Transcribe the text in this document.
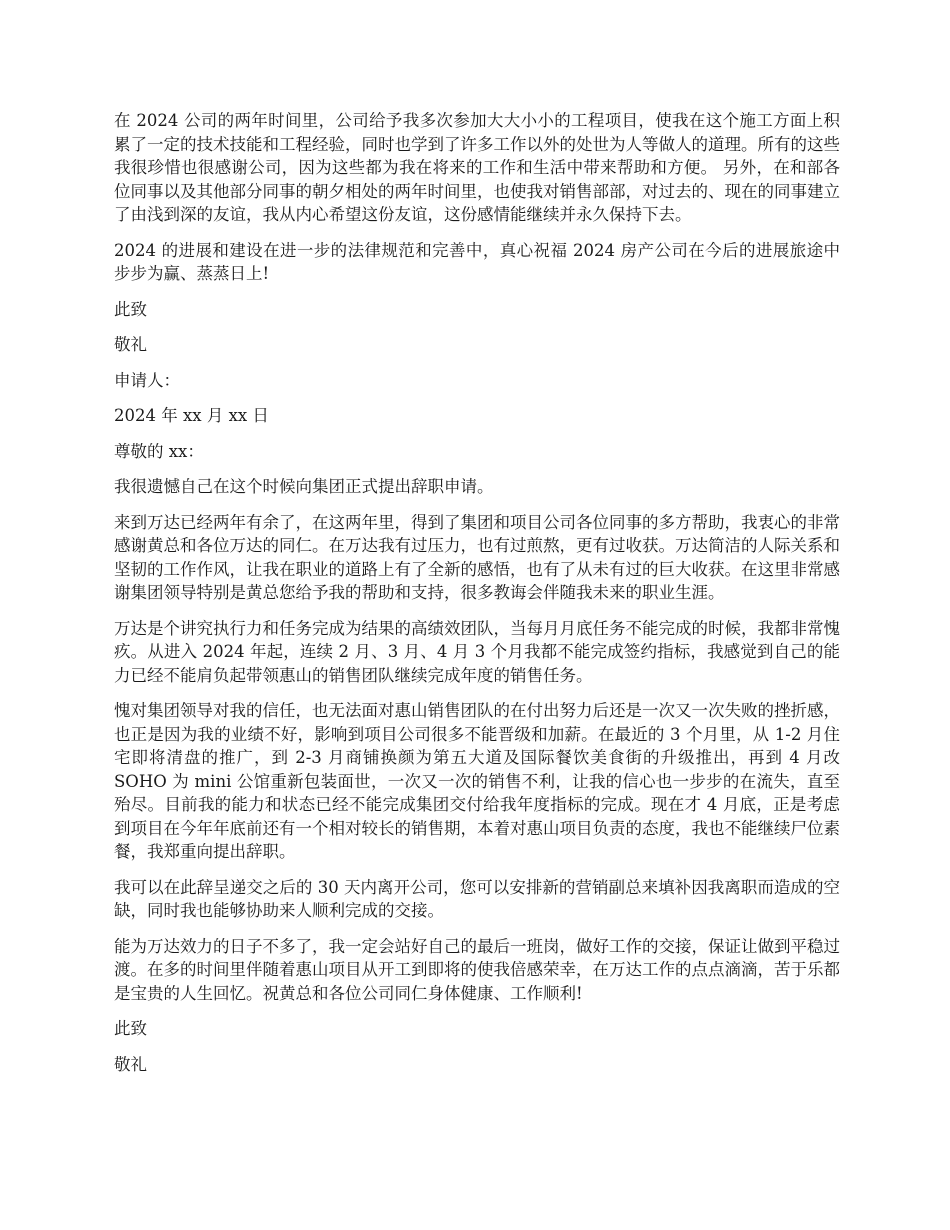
在 2024 公司的两年时间里，公司给予我多次参加大大小小的工程项目，使我在这个施工方面上积累了一定的技术技能和工程经验，同时也学到了许多工作以外的处世为人等做人的道理。所有的这些我很珍惜也很感谢公司，因为这些都为我在将来的工作和生活中带来帮助和方便。 另外，在和部各位同事以及其他部分同事的朝夕相处的两年时间里，也使我对销售部部，对过去的、现在的同事建立了由浅到深的友谊，我从内心希望这份友谊，这份感情能继续并永久保持下去。

2024 的进展和建设在进一步的法律规范和完善中，真心祝福 2024 房产公司在今后的进展旅途中步步为赢、蒸蒸日上!

此致

敬礼

申请人：

2024 年 xx 月 xx 日

尊敬的 xx：

我很遗憾自己在这个时候向集团正式提出辞职申请。

来到万达已经两年有余了，在这两年里，得到了集团和项目公司各位同事的多方帮助，我衷心的非常感谢黄总和各位万达的同仁。在万达我有过压力，也有过煎熬，更有过收获。万达简洁的人际关系和坚韧的工作作风，让我在职业的道路上有了全新的感悟，也有了从未有过的巨大收获。在这里非常感谢集团领导特别是黄总您给予我的帮助和支持，很多教诲会伴随我未来的职业生涯。

万达是个讲究执行力和任务完成为结果的高绩效团队，当每月月底任务不能完成的时候，我都非常愧疚。从进入 2024 年起，连续 2 月、3 月、4 月 3 个月我都不能完成签约指标，我感觉到自己的能力已经不能肩负起带领惠山的销售团队继续完成年度的销售任务。

愧对集团领导对我的信任，也无法面对惠山销售团队的在付出努力后还是一次又一次失败的挫折感，也正是因为我的业绩不好，影响到项目公司很多不能晋级和加薪。在最近的 3 个月里，从 1-2 月住宅即将清盘的推广，到 2-3 月商铺换颜为第五大道及国际餐饮美食街的升级推出，再到 4 月改 SOHO 为 mini 公馆重新包装面世，一次又一次的销售不利，让我的信心也一步步的在流失，直至殆尽。目前我的能力和状态已经不能完成集团交付给我年度指标的完成。现在才 4 月底，正是考虑到项目在今年年底前还有一个相对较长的销售期，本着对惠山项目负责的态度，我也不能继续尸位素餐，我郑重向提出辞职。

我可以在此辞呈递交之后的 30 天内离开公司，您可以安排新的营销副总来填补因我离职而造成的空缺，同时我也能够协助来人顺利完成的交接。

能为万达效力的日子不多了，我一定会站好自己的最后一班岗，做好工作的交接，保证让做到平稳过渡。在多的时间里伴随着惠山项目从开工到即将的使我倍感荣幸，在万达工作的点点滴滴，苦于乐都是宝贵的人生回忆。祝黄总和各位公司同仁身体健康、工作顺利!

此致

敬礼
